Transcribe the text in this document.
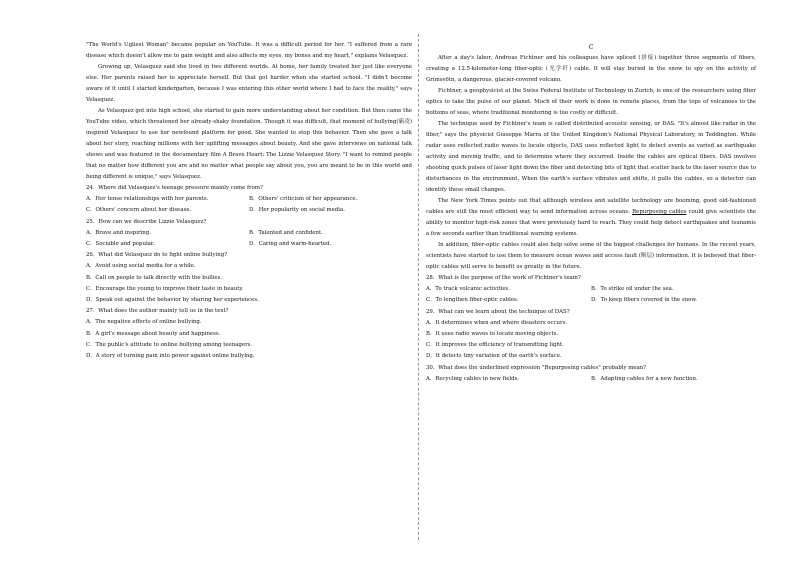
"The World's Ugliest Woman" became popular on YouTube. It was a difficult period for her. "I suffered from a rare disease which doesn't allow me to gain weight and also affects my eyes, my bones and my heart," explains Velasquez.

Growing up, Velasquez said she lived in two different worlds. At home, her family treated her just like everyone else. Her parents raised her to appreciate herself. But that got harder when she started school. "I didn't become aware of it until I started kindergarten, because I was entering this other world where I had to face the reality," says Velasquez.

As Velasquez got into high school, she started to gain more understanding about her condition. But then came the YouTube video, which threatened her already-shaky foundation. Though it was difficult, that moment of bullying(霸凌) inspired Velasquez to use her newfound platform for good. She wanted to stop this behavior. Then she gave a talk about her story, reaching millions with her uplifting messages about beauty. And she gave interviews on national talk shows and was featured in the documentary film A Brave Heart: The Lizzie Velasquez Story. "I want to remind people that no matter how different you are and no matter what people say about you, you are meant to be in this world and being different is unique," says Velasquez.

24．Where did Velasquez's teenage pressure mainly come from?
A．Her tense relationships with her parents.	B．Others' criticism of her appearance.
C．Others' concern about her disease.	D．Her popularity on social media.
25．How can we describe Lizzie Velasquez?
A．Brave and inspiring.	B．Talented and confident.
C．Sociable and popular.	D．Caring and warm-hearted.
26．What did Velasquez do to fight online bullying?
A．Avoid using social media for a while.
B．Call on people to talk directly with the bullies.
C．Encourage the young to improve their taste in beauty.
D．Speak out against the behavior by sharing her experiences.
27．What does the author mainly tell us in the text?
A．The negative effects of online bullying.
B．A girl's message about beauty and happiness.
C．The public's attitude to online bullying among teenagers.
D．A story of turning pain into power against online bullying.
C

After a day's labor, Andreas Fichtner and his colleagues have spliced (拼接) together three segments of fibers, creating a 12.5-kilometer-long fiber-optic (光学纤) cable. It will stay buried in the snow to spy on the activity of Grímsvötn, a dangerous, glacier-covered volcano.

Fichtner, a geophysicist at the Swiss Federal Institute of Technology in Zurich, is one of the researchers using fiber optics to take the pulse of our planet. Much of their work is done in remote places, from the tops of volcanoes to the bottoms of seas, where traditional monitoring is too costly or difficult.

The technique used by Fichtner's team is called distributed acoustic sensing, or DAS. "It's almost like radar in the fiber," says the physicist Giuseppe Marra of the United Kingdom's National Physical Laboratory, in Teddington. While radar uses reflected radio waves to locate objects, DAS uses reflected light to detect events as varied as earthquake activity and moving traffic, and to determine where they occurred. Inside the cables are optical fibers. DAS involves shooting quick pulses of laser light down the fiber and detecting bits of light that scatter back to the laser source due to disturbances in the environment. When the earth's surface vibrates and shifts, it pulls the cables, so a detector can identify these small changes.

The New York Times points out that although wireless and satellite technology are booming, good old-fashioned cables are still the most efficient way to send information across oceans. Repurposing cables could give scientists the ability to monitor high-risk zones that were previously hard to reach. They could help detect earthquakes and tsunamis a few seconds earlier than traditional warning systems.

In addition, fiber-optic cables could also help solve some of the biggest challenges for humans. In the recent years, scientists have started to use them to measure ocean waves and access fault (断层) information. It is believed that fiber-optic cables will serve to benefit us greatly in the future.

28．What is the purpose of the work of Fichtner's team?
A．To track volcanic activities.	B．To strike oil under the sea.
C．To lengthen fiber-optic cables.	D．To keep fibers covered in the snow.
29．What can we learn about the technique of DAS?
A．It determines when and where disasters occurs.
B．It uses radio waves to locate moving objects.
C．It improves the efficiency of transmitting light.
D．It detects tiny variation of the earth's surface.
30．What does the underlined expression "Repurposing cables" probably mean?
A．Recycling cables in new fields.	B．Adapting cables for a new function.
